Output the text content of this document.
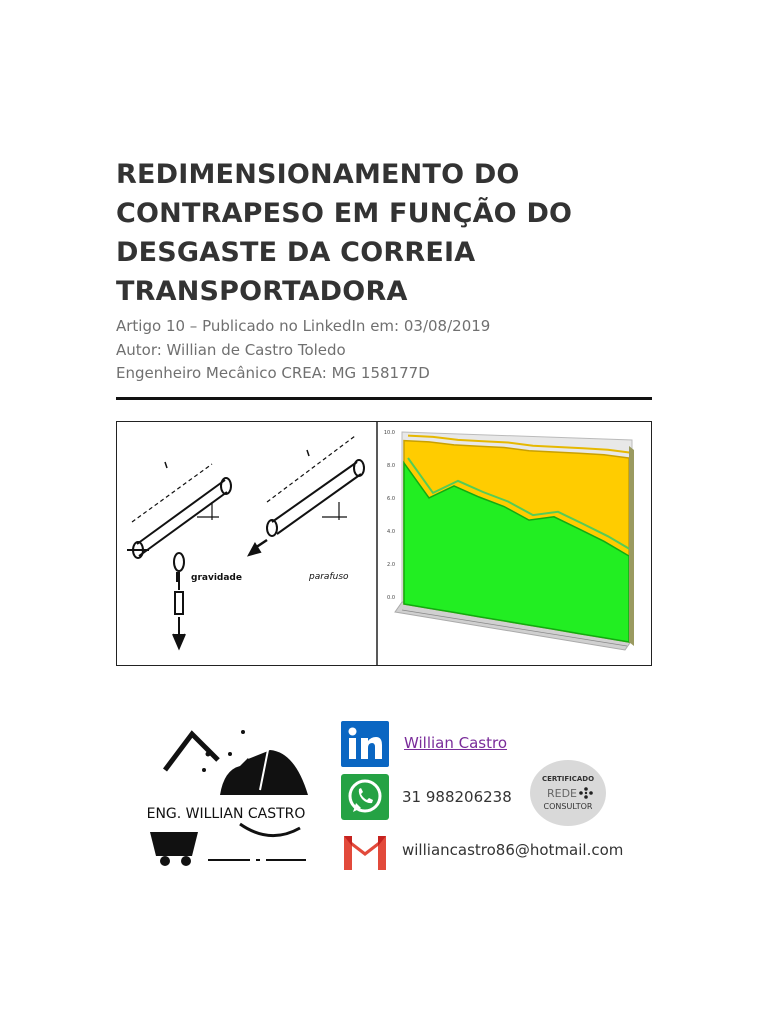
REDIMENSIONAMENTO DO CONTRAPESO EM FUNÇÃO DO DESGASTE DA CORREIA TRANSPORTADORA
Artigo 10 – Publicado no LinkedIn em: 03/08/2019
Autor: Willian de Castro Toledo
Engenheiro Mecânico CREA: MG 158177D
gravidade	parafuso
10.0
8.0
6.0
4.0
2.0
0.0
ENG. WILLIAN CASTRO
Willian Castro
31 988206238
williancastro86@hotmail.com
CERTIFICADO
REDE
CONSULTOR
